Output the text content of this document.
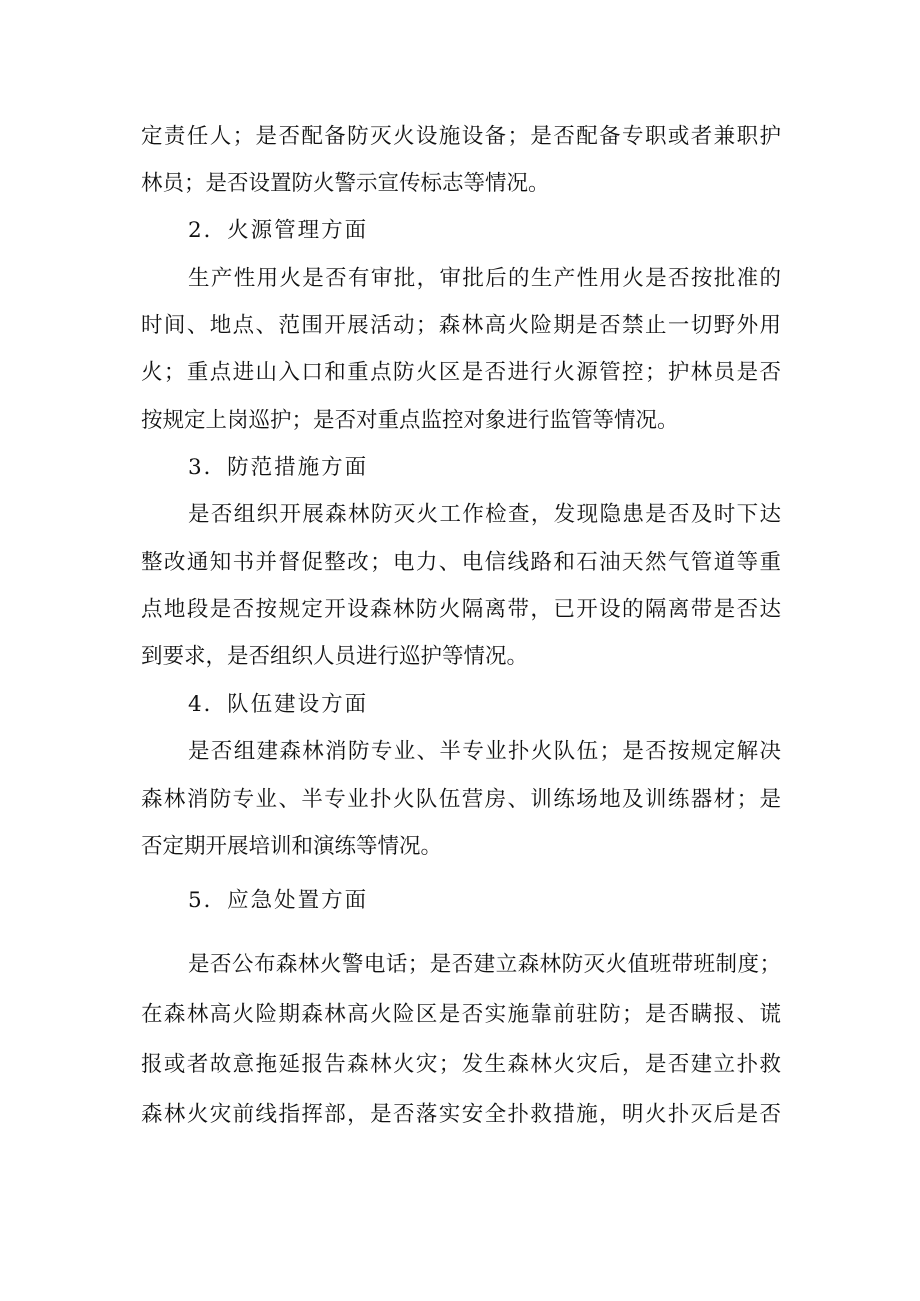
定责任人；是否配备防灭火设施设备；是否配备专职或者兼职护
林员；是否设置防火警示宣传标志等情况。
2．火源管理方面
生产性用火是否有审批，审批后的生产性用火是否按批准的
时间、地点、范围开展活动；森林高火险期是否禁止一切野外用
火；重点进山入口和重点防火区是否进行火源管控；护林员是否
按规定上岗巡护；是否对重点监控对象进行监管等情况。
3．防范措施方面
是否组织开展森林防灭火工作检查，发现隐患是否及时下达
整改通知书并督促整改；电力、电信线路和石油天然气管道等重
点地段是否按规定开设森林防火隔离带，已开设的隔离带是否达
到要求，是否组织人员进行巡护等情况。
4．队伍建设方面
是否组建森林消防专业、半专业扑火队伍；是否按规定解决
森林消防专业、半专业扑火队伍营房、训练场地及训练器材；是
否定期开展培训和演练等情况。
5．应急处置方面
是否公布森林火警电话；是否建立森林防灭火值班带班制度；
在森林高火险期森林高火险区是否实施靠前驻防；是否瞒报、谎
报或者故意拖延报告森林火灾；发生森林火灾后，是否建立扑救
森林火灾前线指挥部，是否落实安全扑救措施，明火扑灭后是否
